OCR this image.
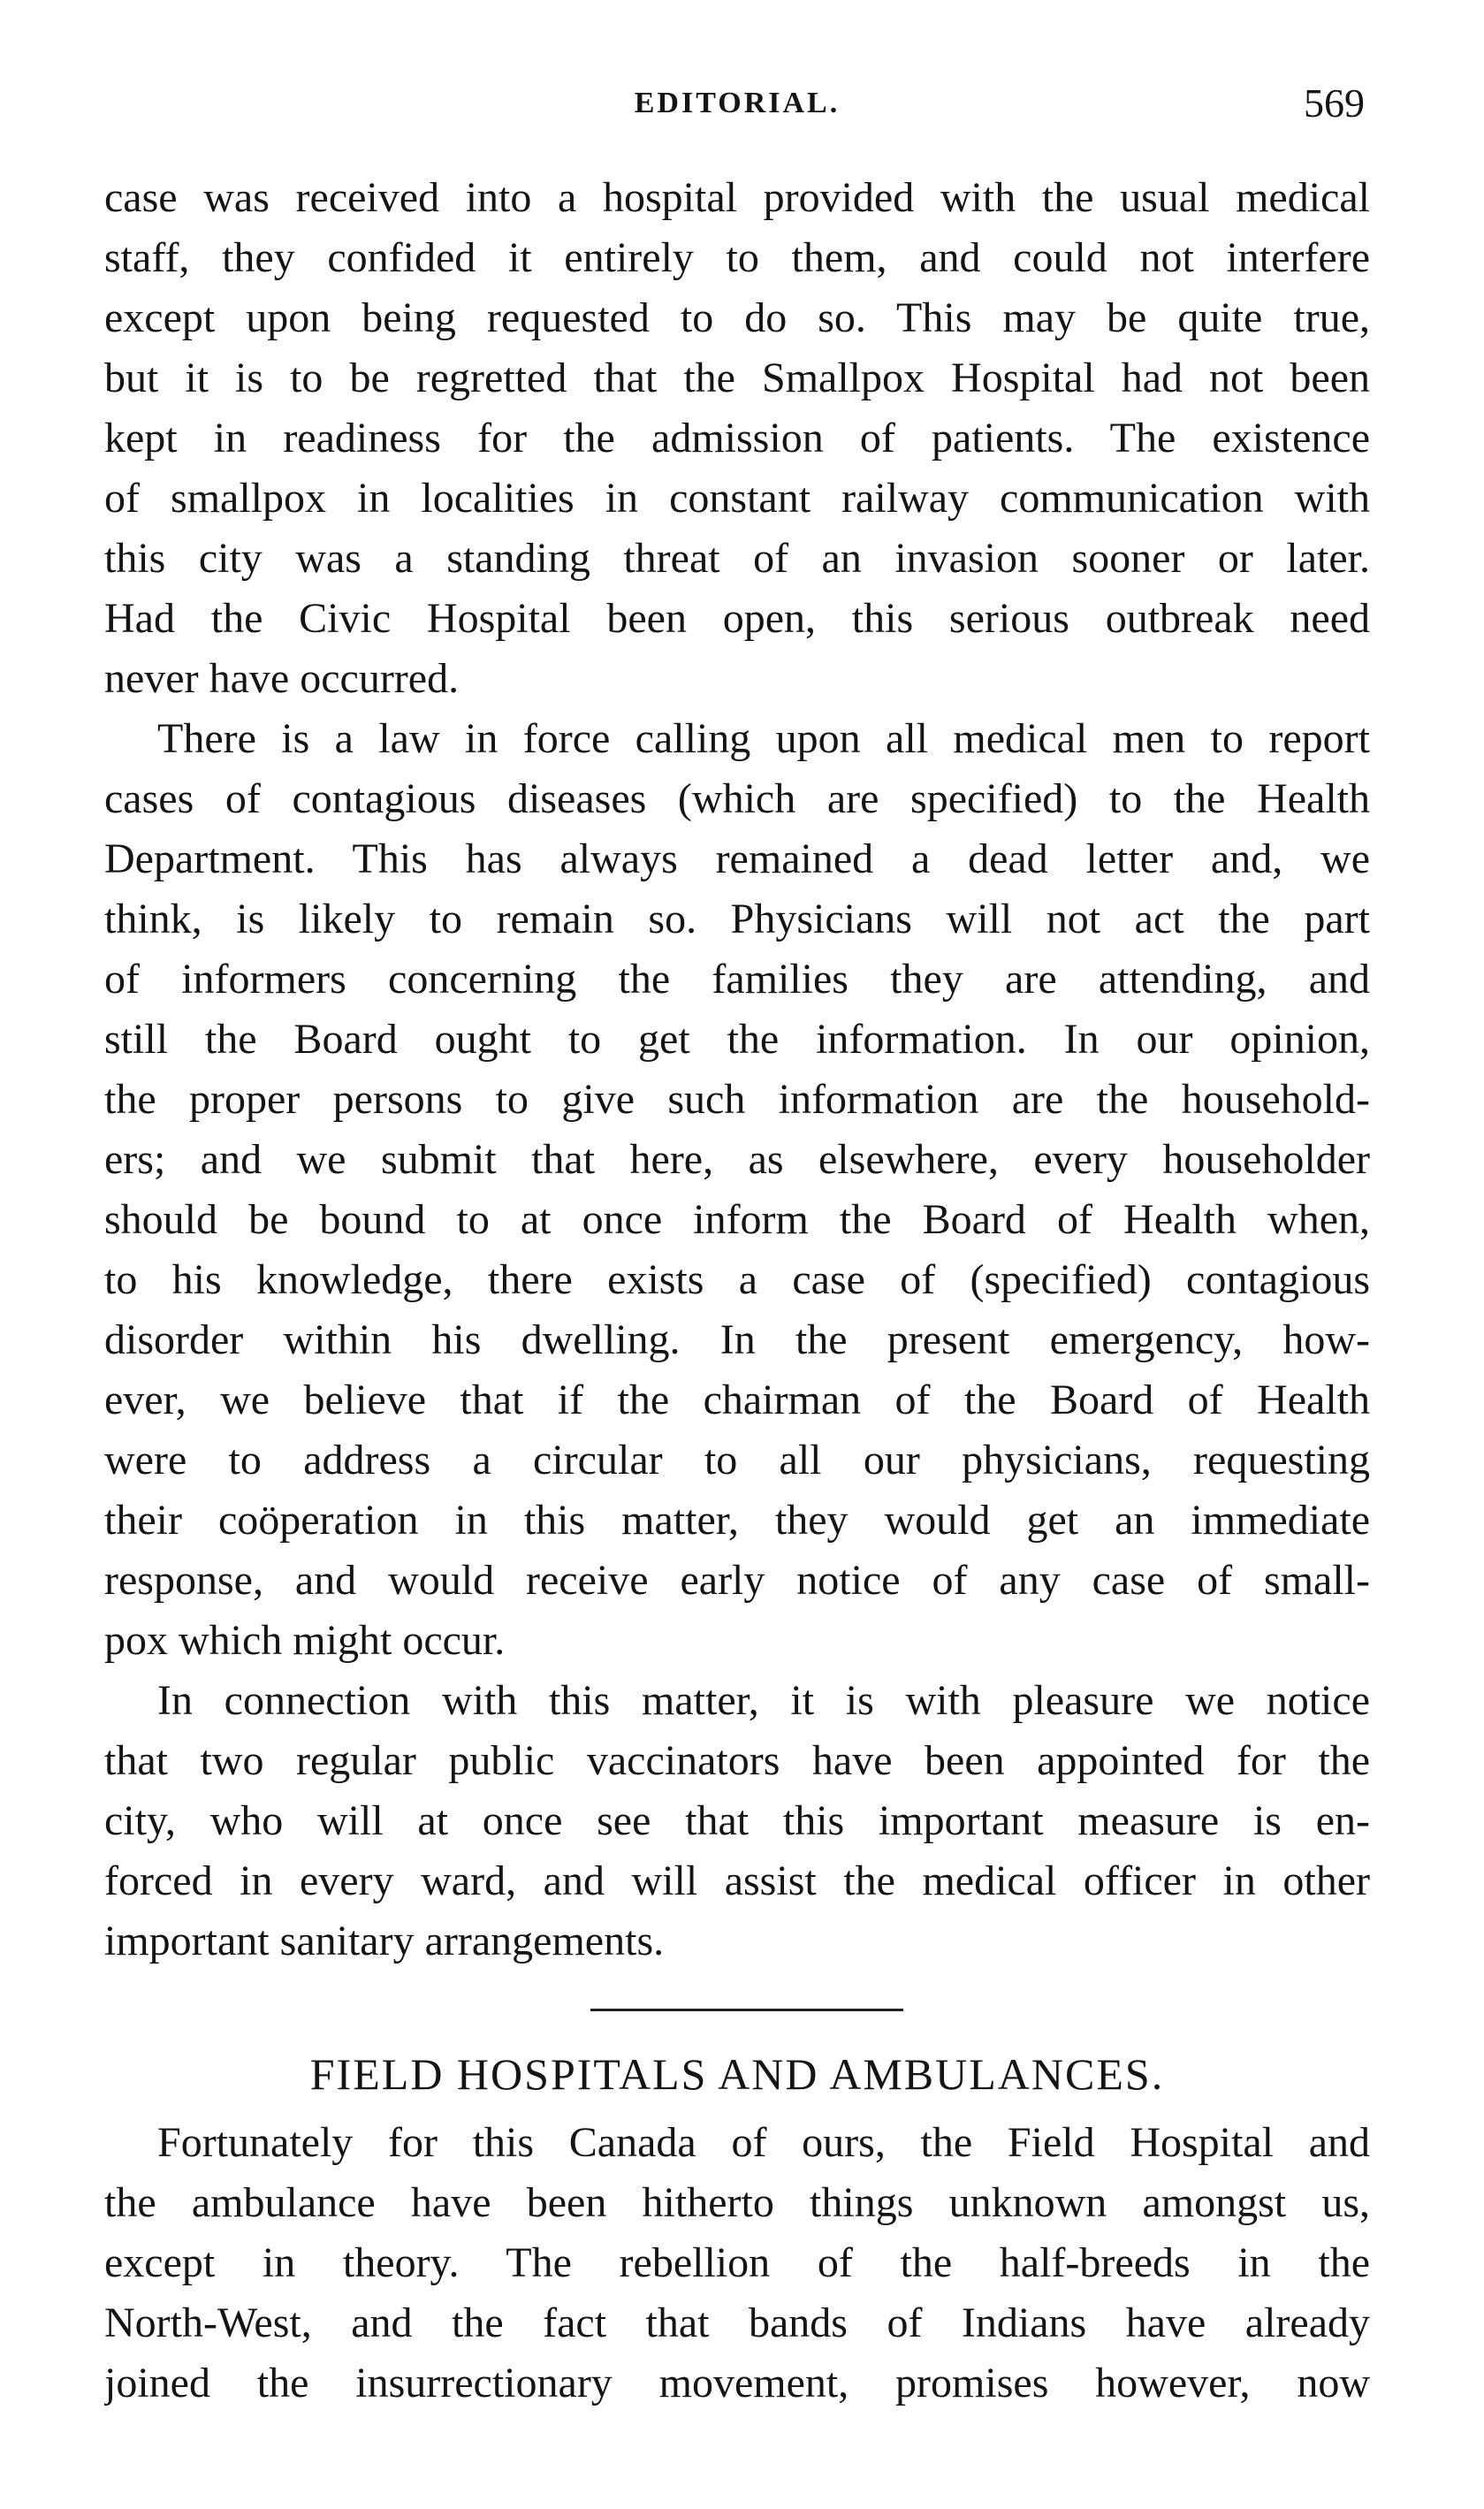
EDITORIAL.	569
case was received into a hospital provided with the usual medical
staff, they confided it entirely to them, and could not interfere
except upon being requested to do so. This may be quite true,
but it is to be regretted that the Smallpox Hospital had not been
kept in readiness for the admission of patients. The existence
of smallpox in localities in constant railway communication with
this city was a standing threat of an invasion sooner or later.
Had the Civic Hospital been open, this serious outbreak need
never have occurred.
There is a law in force calling upon all medical men to report
cases of contagious diseases (which are specified) to the Health
Department. This has always remained a dead letter and, we
think, is likely to remain so. Physicians will not act the part
of informers concerning the families they are attending, and
still the Board ought to get the information. In our opinion,
the proper persons to give such information are the household-
ers; and we submit that here, as elsewhere, every householder
should be bound to at once inform the Board of Health when,
to his knowledge, there exists a case of (specified) contagious
disorder within his dwelling. In the present emergency, how-
ever, we believe that if the chairman of the Board of Health
were to address a circular to all our physicians, requesting
their coöperation in this matter, they would get an immediate
response, and would receive early notice of any case of small-
pox which might occur.
In connection with this matter, it is with pleasure we notice
that two regular public vaccinators have been appointed for the
city, who will at once see that this important measure is en-
forced in every ward, and will assist the medical officer in other
important sanitary arrangements.
FIELD HOSPITALS AND AMBULANCES.
Fortunately for this Canada of ours, the Field Hospital and
the ambulance have been hitherto things unknown amongst us,
except in theory. The rebellion of the half-breeds in the
North-West, and the fact that bands of Indians have already
joined the insurrectionary movement, promises however, now
